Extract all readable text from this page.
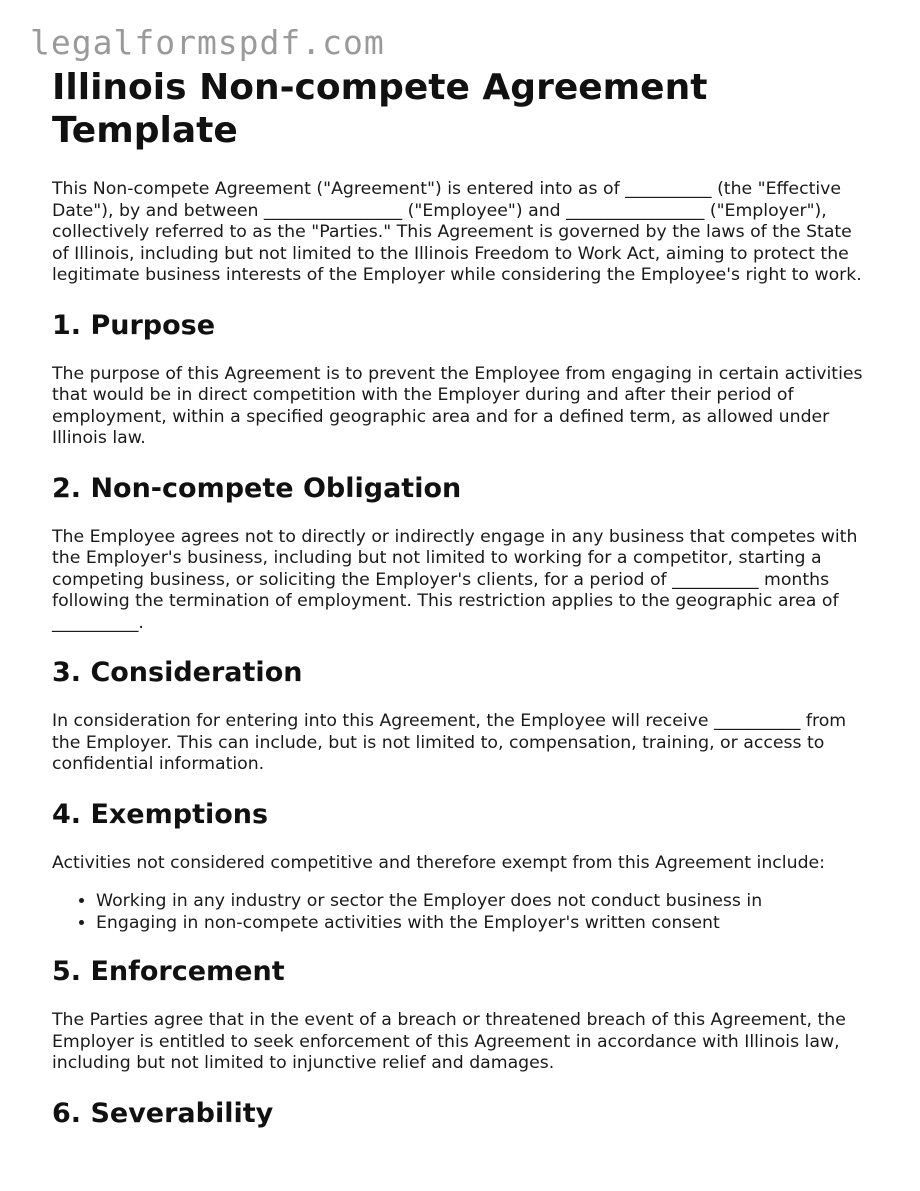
legalformspdf.com
Illinois Non-compete Agreement Template

This Non-compete Agreement ("Agreement") is entered into as of __________ (the "Effective Date"), by and between ________________ ("Employee") and ________________ ("Employer"), collectively referred to as the "Parties." This Agreement is governed by the laws of the State of Illinois, including but not limited to the Illinois Freedom to Work Act, aiming to protect the legitimate business interests of the Employer while considering the Employee's right to work.

1. Purpose

The purpose of this Agreement is to prevent the Employee from engaging in certain activities that would be in direct competition with the Employer during and after their period of employment, within a specified geographic area and for a defined term, as allowed under Illinois law.

2. Non-compete Obligation

The Employee agrees not to directly or indirectly engage in any business that competes with the Employer's business, including but not limited to working for a competitor, starting a competing business, or soliciting the Employer's clients, for a period of __________ months following the termination of employment. This restriction applies to the geographic area of __________.

3. Consideration

In consideration for entering into this Agreement, the Employee will receive __________ from the Employer. This can include, but is not limited to, compensation, training, or access to confidential information.

4. Exemptions

Activities not considered competitive and therefore exempt from this Agreement include:

• Working in any industry or sector the Employer does not conduct business in
• Engaging in non-compete activities with the Employer's written consent
5. Enforcement

The Parties agree that in the event of a breach or threatened breach of this Agreement, the Employer is entitled to seek enforcement of this Agreement in accordance with Illinois law, including but not limited to injunctive relief and damages.

6. Severability
